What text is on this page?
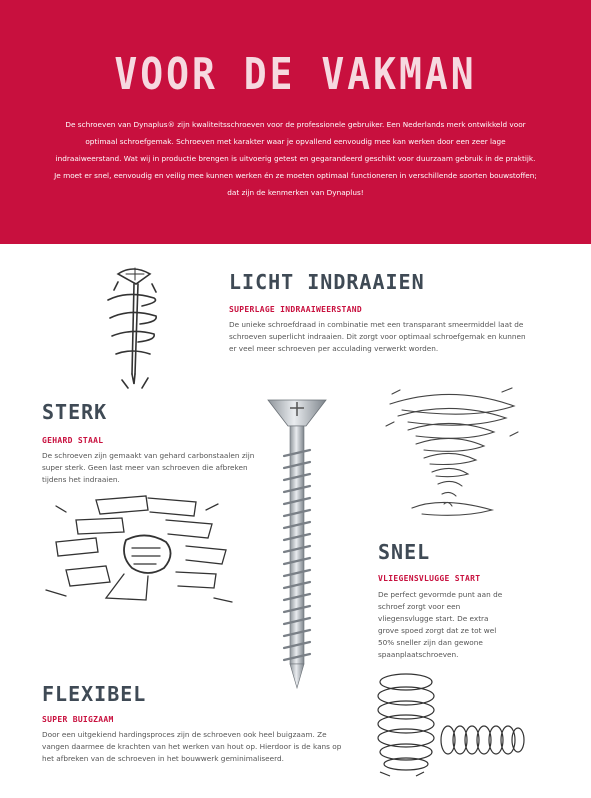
VOOR DE VAKMAN
De schroeven van Dynaplus® zijn kwaliteitsschroeven voor de professionele gebruiker. Een Nederlands merk ontwikkeld voor optimaal schroefgemak. Schroeven met karakter waar je opvallend eenvoudig mee kan werken door een zeer lage indraaiweerstand. Wat wij in productie brengen is uitvoerig getest en gegarandeerd geschikt voor duurzaam gebruik in de praktijk. Je moet er snel, eenvoudig en veilig mee kunnen werken én ze moeten optimaal functioneren in verschillende soorten bouwstoffen; dat zijn de kenmerken van Dynaplus!
LICHT INDRAAIEN
SUPERLAGE INDRAAIWEERSTAND
De unieke schroefdraad in combinatie met een transparant smeermiddel laat de schroeven superlicht indraaien. Dit zorgt voor optimaal schroefgemak en kunnen er veel meer schroeven per acculading verwerkt worden.
STERK
GEHARD STAAL
De schroeven zijn gemaakt van gehard carbonstaalen zijn super sterk. Geen last meer van schroeven die afbreken tijdens het indraaien.
SNEL
VLIEGENSVLUGGE START
De perfect gevormde punt aan de schroef zorgt voor een vliegensvlugge start. De extra grove spoed zorgt dat ze tot wel 50% sneller zijn dan gewone spaanplaatschroeven.
FLEXIBEL
SUPER BUIGZAAM
Door een uitgekiend hardingsproces zijn de schroeven ook heel buigzaam. Ze vangen daarmee de krachten van het werken van hout op. Hierdoor is de kans op het afbreken van de schroeven in het bouwwerk geminimaliseerd.
